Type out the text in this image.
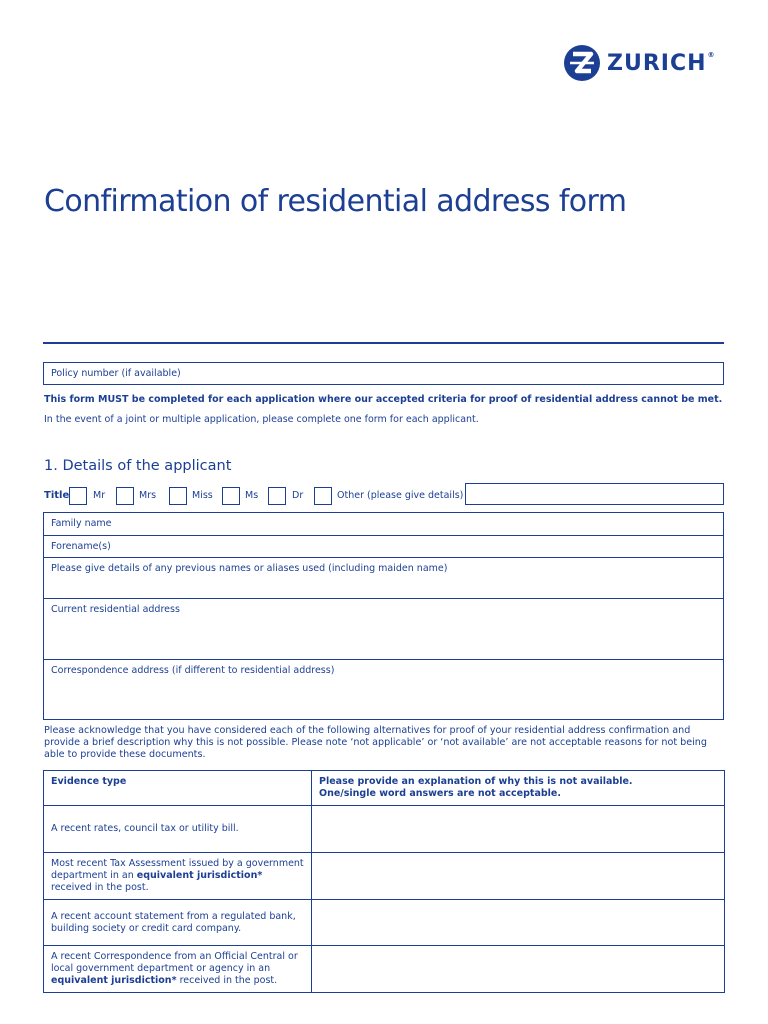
ZURICH®
Confirmation of residential address form
Policy number (if available)
This form MUST be completed for each application where our accepted criteria for proof of residential address cannot be met.
In the event of a joint or multiple application, please complete one form for each applicant.
1. Details of the applicant
Title	Mr	Mrs	Miss	Ms	Dr	Other (please give details)
Family name
Forename(s)
Please give details of any previous names or aliases used (including maiden name)
Current residential address
Correspondence address (if different to residential address)
Please acknowledge that you have considered each of the following alternatives for proof of your residential address confirmation and provide a brief description why this is not possible. Please note ‘not applicable’ or ‘not available’ are not acceptable reasons for not being able to provide these documents.
Evidence type	Please provide an explanation of why this is not available.
One/single word answers are not acceptable.
A recent rates, council tax or utility bill.	
Most recent Tax Assessment issued by a government department in an equivalent jurisdiction* received in the post.	
A recent account statement from a regulated bank, building society or credit card company.	
A recent Correspondence from an Official Central or local government department or agency in an equivalent jurisdiction* received in the post.	
